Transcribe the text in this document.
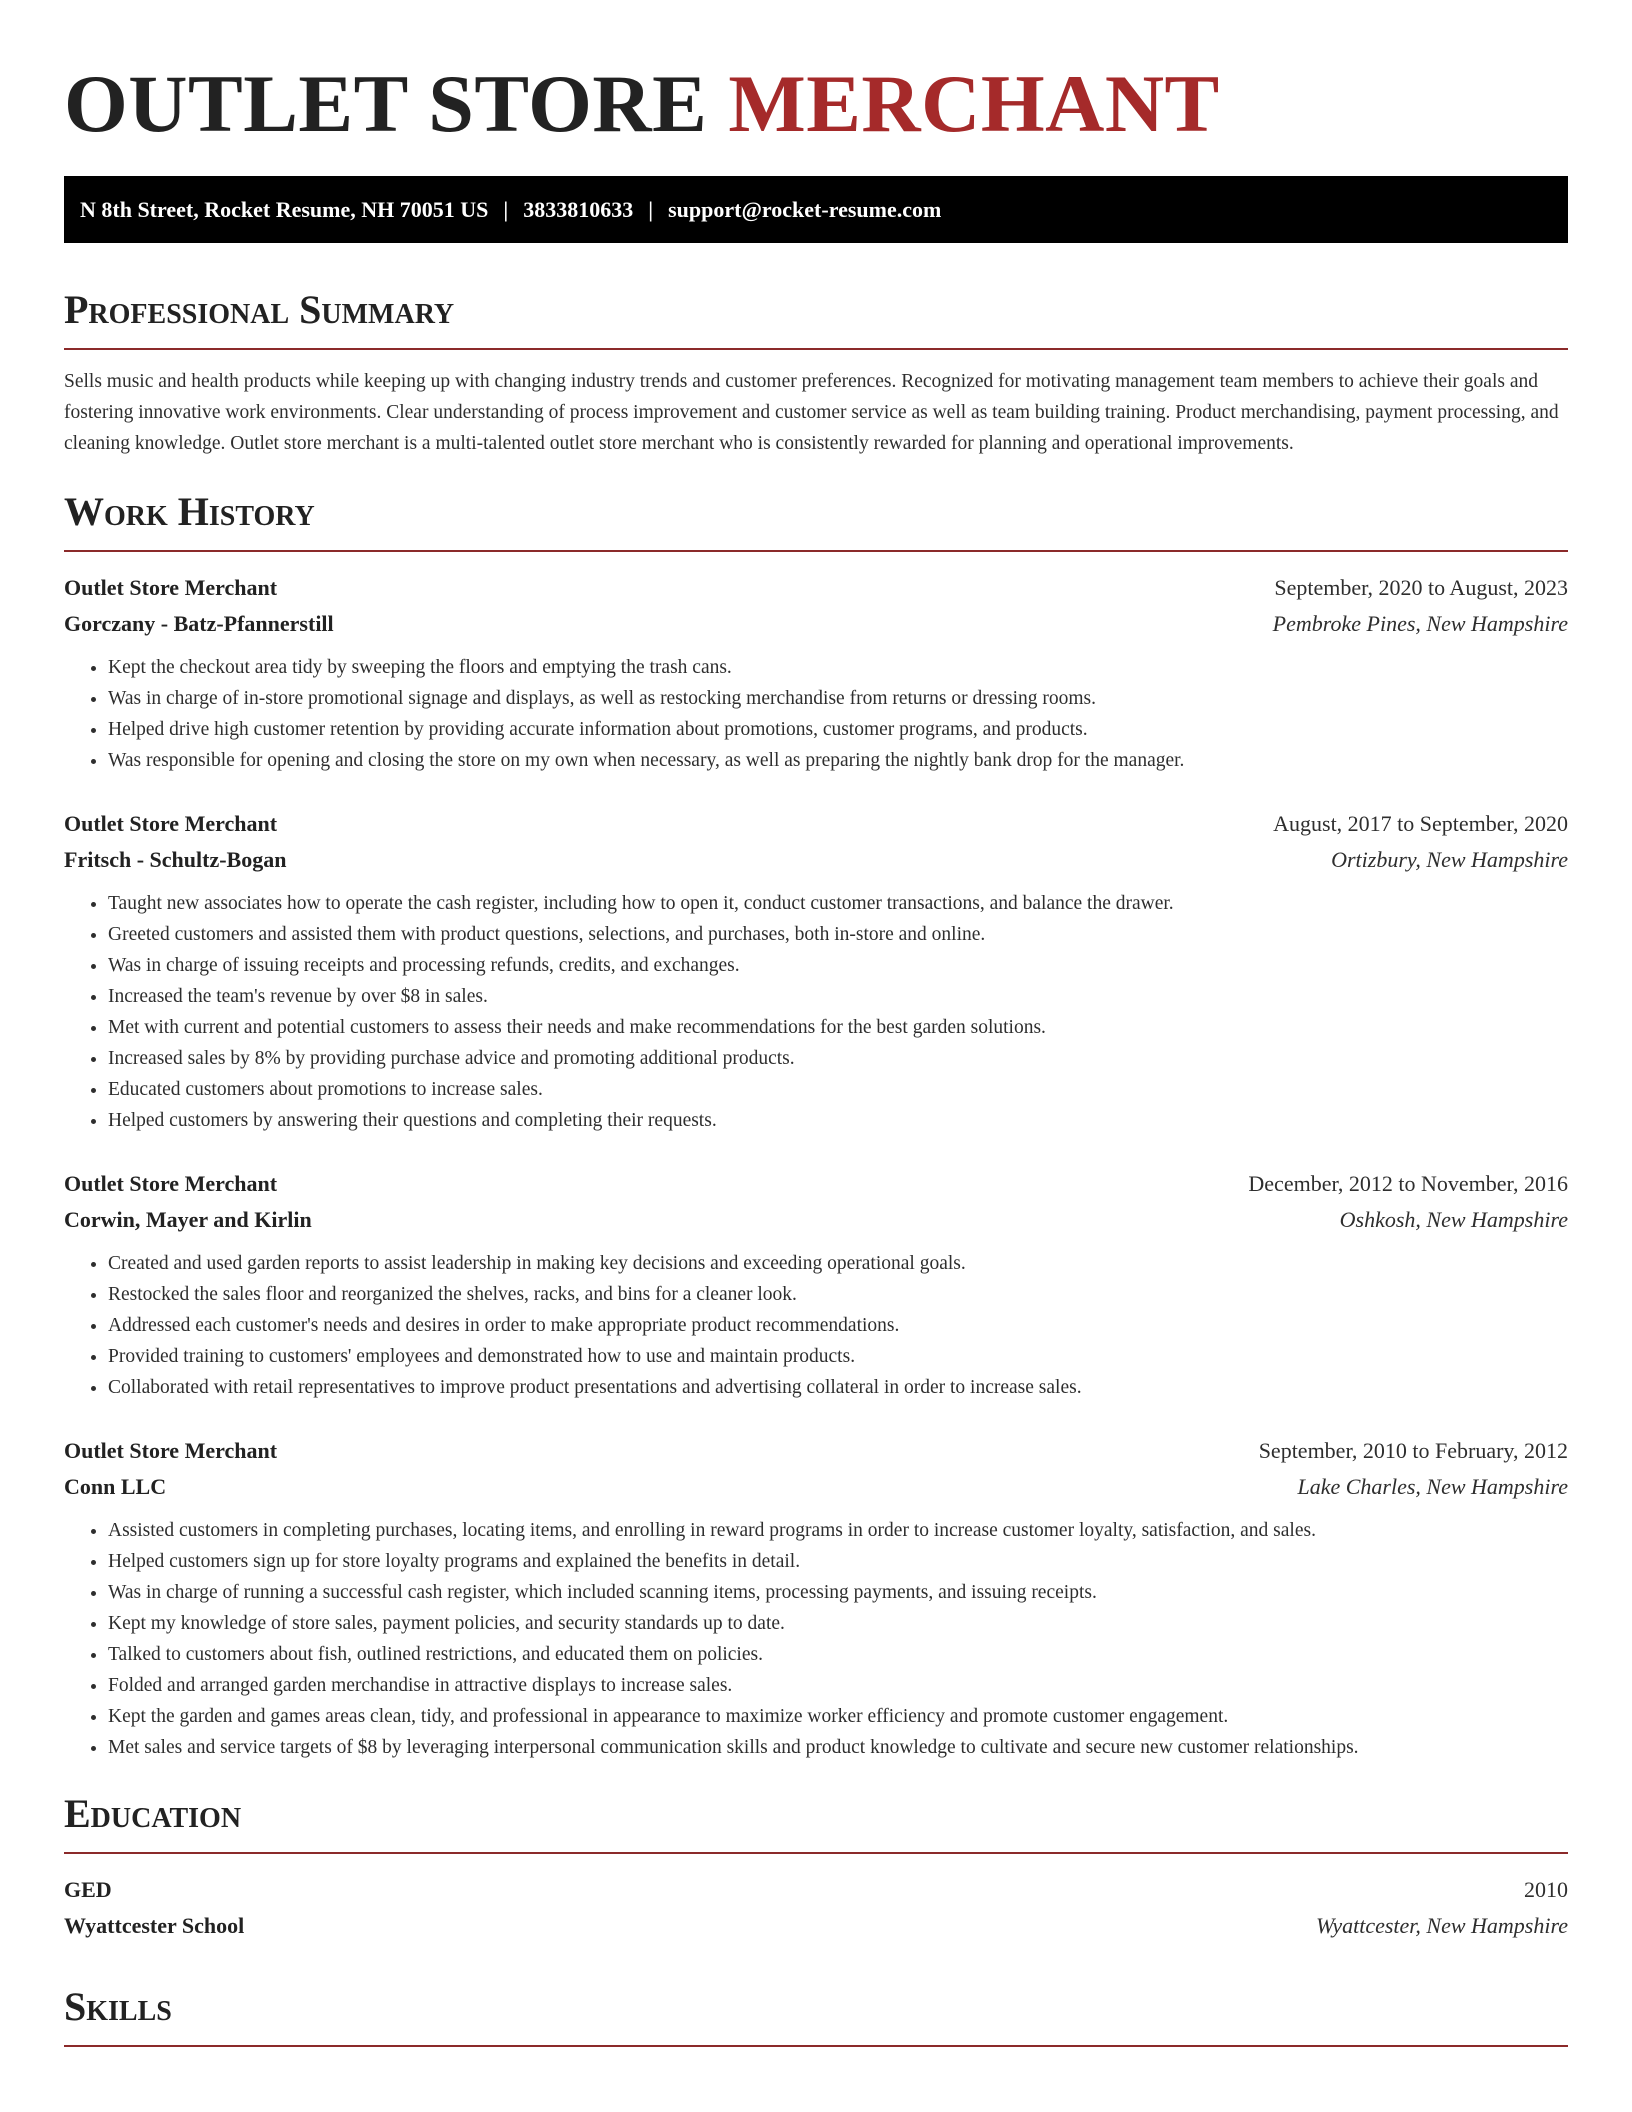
OUTLET STORE MERCHANT
N 8th Street, Rocket Resume, NH 70051 US | 3833810633 | support@rocket-resume.com
Professional Summary

Sells music and health products while keeping up with changing industry trends and customer preferences. Recognized for motivating management team members to achieve their goals and fostering innovative work environments. Clear understanding of process improvement and customer service as well as team building training. Product merchandising, payment processing, and cleaning knowledge. Outlet store merchant is a multi-talented outlet store merchant who is consistently rewarded for planning and operational improvements.

Work History
Outlet Store Merchant	September, 2020 to August, 2023
Gorczany - Batz-Pfannerstill	Pembroke Pines, New Hampshire
• Kept the checkout area tidy by sweeping the floors and emptying the trash cans.
• Was in charge of in-store promotional signage and displays, as well as restocking merchandise from returns or dressing rooms.
• Helped drive high customer retention by providing accurate information about promotions, customer programs, and products.
• Was responsible for opening and closing the store on my own when necessary, as well as preparing the nightly bank drop for the manager.
Outlet Store Merchant	August, 2017 to September, 2020
Fritsch - Schultz-Bogan	Ortizbury, New Hampshire
• Taught new associates how to operate the cash register, including how to open it, conduct customer transactions, and balance the drawer.
• Greeted customers and assisted them with product questions, selections, and purchases, both in-store and online.
• Was in charge of issuing receipts and processing refunds, credits, and exchanges.
• Increased the team's revenue by over $8 in sales.
• Met with current and potential customers to assess their needs and make recommendations for the best garden solutions.
• Increased sales by 8% by providing purchase advice and promoting additional products.
• Educated customers about promotions to increase sales.
• Helped customers by answering their questions and completing their requests.
Outlet Store Merchant	December, 2012 to November, 2016
Corwin, Mayer and Kirlin	Oshkosh, New Hampshire
• Created and used garden reports to assist leadership in making key decisions and exceeding operational goals.
• Restocked the sales floor and reorganized the shelves, racks, and bins for a cleaner look.
• Addressed each customer's needs and desires in order to make appropriate product recommendations.
• Provided training to customers' employees and demonstrated how to use and maintain products.
• Collaborated with retail representatives to improve product presentations and advertising collateral in order to increase sales.
Outlet Store Merchant	September, 2010 to February, 2012
Conn LLC	Lake Charles, New Hampshire
• Assisted customers in completing purchases, locating items, and enrolling in reward programs in order to increase customer loyalty, satisfaction, and sales.
• Helped customers sign up for store loyalty programs and explained the benefits in detail.
• Was in charge of running a successful cash register, which included scanning items, processing payments, and issuing receipts.
• Kept my knowledge of store sales, payment policies, and security standards up to date.
• Talked to customers about fish, outlined restrictions, and educated them on policies.
• Folded and arranged garden merchandise in attractive displays to increase sales.
• Kept the garden and games areas clean, tidy, and professional in appearance to maximize worker efficiency and promote customer engagement.
• Met sales and service targets of $8 by leveraging interpersonal communication skills and product knowledge to cultivate and secure new customer relationships.
Education
GED	2010
Wyattcester School	Wyattcester, New Hampshire
Skills
